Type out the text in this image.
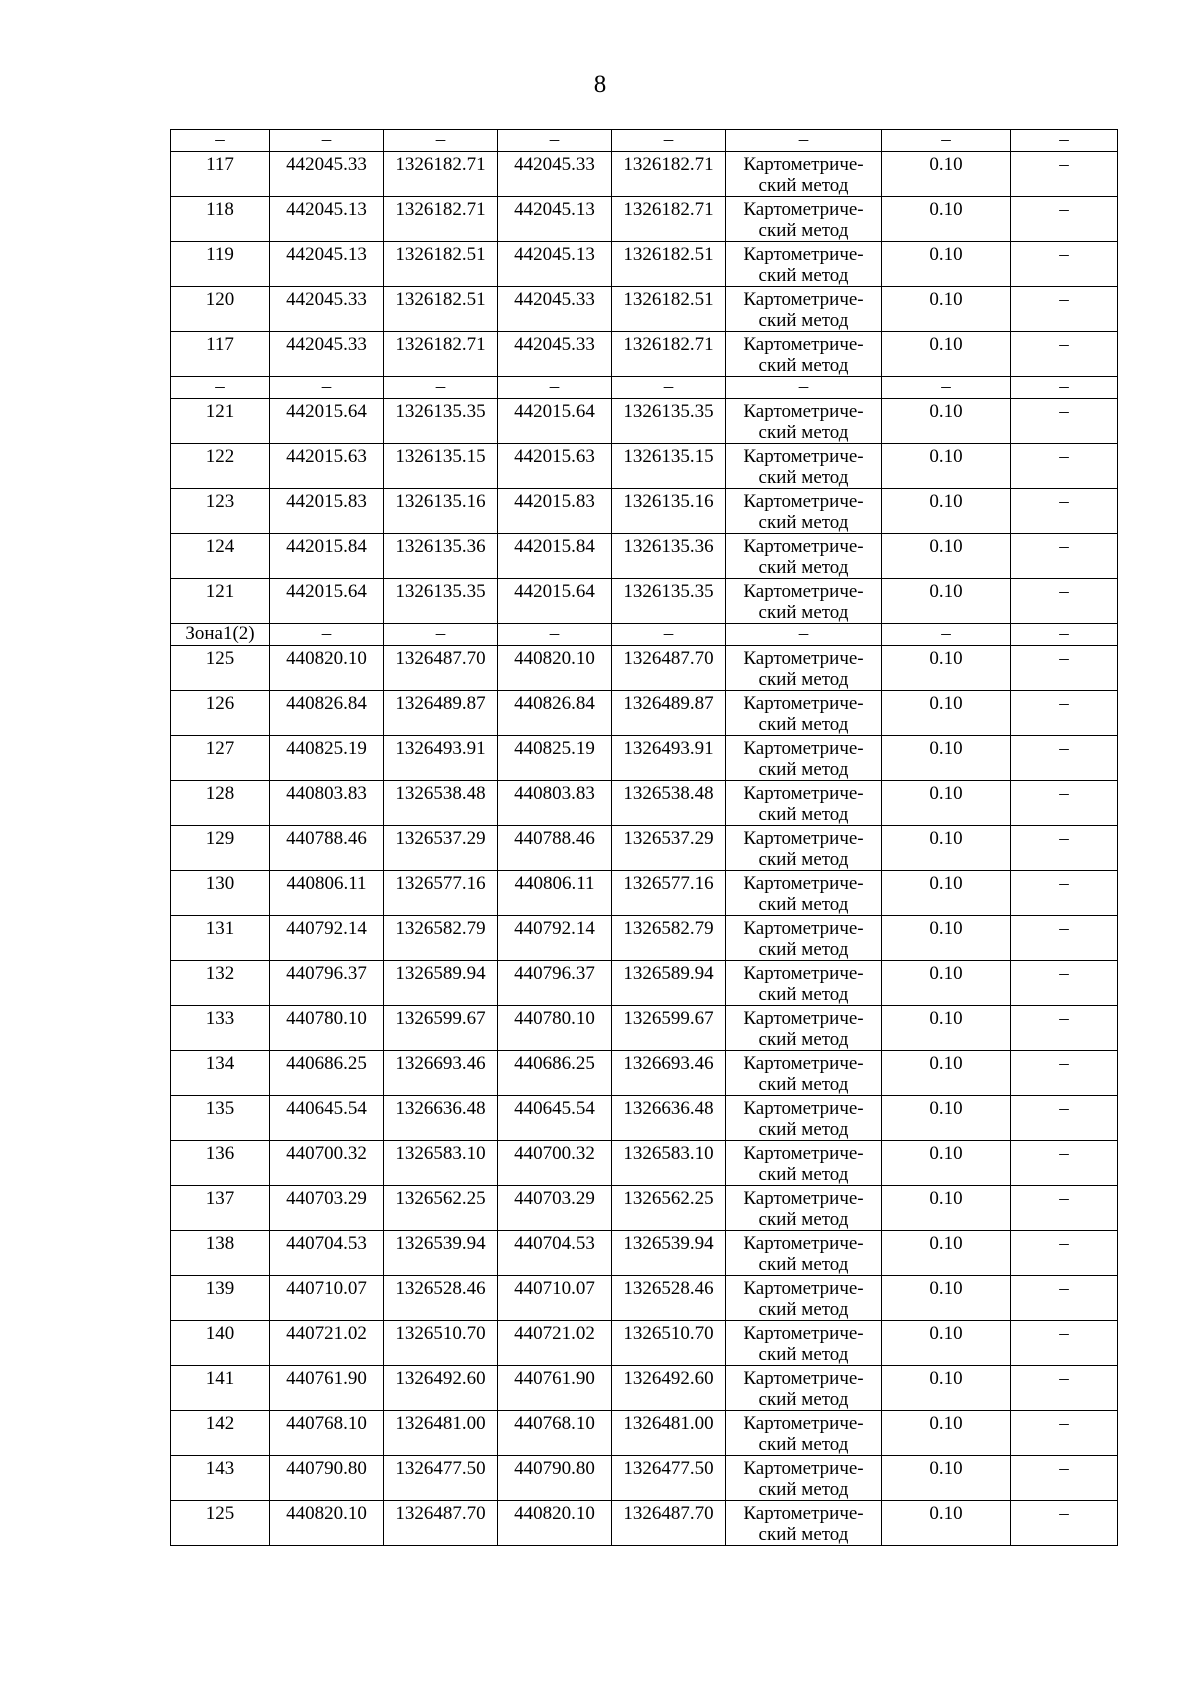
8
–	–	–	–	–	–	–	–
117	442045.33	1326182.71	442045.33	1326182.71	Картометриче-
ский метод	0.10	–
118	442045.13	1326182.71	442045.13	1326182.71	Картометриче-
ский метод	0.10	–
119	442045.13	1326182.51	442045.13	1326182.51	Картометриче-
ский метод	0.10	–
120	442045.33	1326182.51	442045.33	1326182.51	Картометриче-
ский метод	0.10	–
117	442045.33	1326182.71	442045.33	1326182.71	Картометриче-
ский метод	0.10	–
–	–	–	–	–	–	–	–
121	442015.64	1326135.35	442015.64	1326135.35	Картометриче-
ский метод	0.10	–
122	442015.63	1326135.15	442015.63	1326135.15	Картометриче-
ский метод	0.10	–
123	442015.83	1326135.16	442015.83	1326135.16	Картометриче-
ский метод	0.10	–
124	442015.84	1326135.36	442015.84	1326135.36	Картометриче-
ский метод	0.10	–
121	442015.64	1326135.35	442015.64	1326135.35	Картометриче-
ский метод	0.10	–
Зона1(2)	–	–	–	–	–	–	–
125	440820.10	1326487.70	440820.10	1326487.70	Картометриче-
ский метод	0.10	–
126	440826.84	1326489.87	440826.84	1326489.87	Картометриче-
ский метод	0.10	–
127	440825.19	1326493.91	440825.19	1326493.91	Картометриче-
ский метод	0.10	–
128	440803.83	1326538.48	440803.83	1326538.48	Картометриче-
ский метод	0.10	–
129	440788.46	1326537.29	440788.46	1326537.29	Картометриче-
ский метод	0.10	–
130	440806.11	1326577.16	440806.11	1326577.16	Картометриче-
ский метод	0.10	–
131	440792.14	1326582.79	440792.14	1326582.79	Картометриче-
ский метод	0.10	–
132	440796.37	1326589.94	440796.37	1326589.94	Картометриче-
ский метод	0.10	–
133	440780.10	1326599.67	440780.10	1326599.67	Картометриче-
ский метод	0.10	–
134	440686.25	1326693.46	440686.25	1326693.46	Картометриче-
ский метод	0.10	–
135	440645.54	1326636.48	440645.54	1326636.48	Картометриче-
ский метод	0.10	–
136	440700.32	1326583.10	440700.32	1326583.10	Картометриче-
ский метод	0.10	–
137	440703.29	1326562.25	440703.29	1326562.25	Картометриче-
ский метод	0.10	–
138	440704.53	1326539.94	440704.53	1326539.94	Картометриче-
ский метод	0.10	–
139	440710.07	1326528.46	440710.07	1326528.46	Картометриче-
ский метод	0.10	–
140	440721.02	1326510.70	440721.02	1326510.70	Картометриче-
ский метод	0.10	–
141	440761.90	1326492.60	440761.90	1326492.60	Картометриче-
ский метод	0.10	–
142	440768.10	1326481.00	440768.10	1326481.00	Картометриче-
ский метод	0.10	–
143	440790.80	1326477.50	440790.80	1326477.50	Картометриче-
ский метод	0.10	–
125	440820.10	1326487.70	440820.10	1326487.70	Картометриче-
ский метод	0.10	–
